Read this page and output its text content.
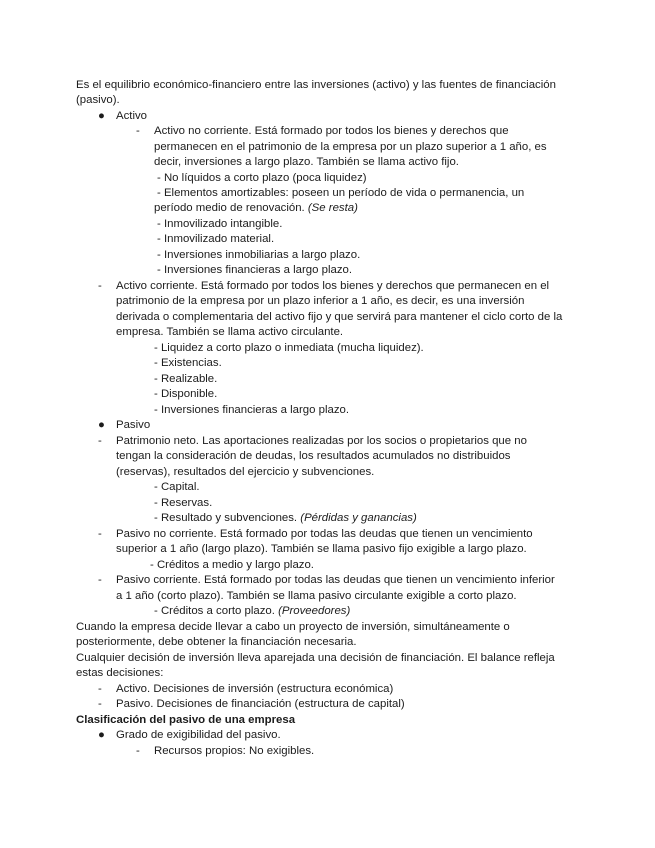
Es el equilibrio económico-financiero entre las inversiones (activo) y las fuentes de financiación
(pasivo).
● Activo
- Activo no corriente. Está formado por todos los bienes y derechos que
permanecen en el patrimonio de la empresa por un plazo superior a 1 año, es
decir, inversiones a largo plazo. También se llama activo fijo.
- No líquidos a corto plazo (poca liquidez)
- Elementos amortizables: poseen un período de vida o permanencia, un
período medio de renovación. (Se resta)
- Inmovilizado intangible.
- Inmovilizado material.
- Inversiones inmobiliarias a largo plazo.
- Inversiones financieras a largo plazo.
- Activo corriente. Está formado por todos los bienes y derechos que permanecen en el
patrimonio de la empresa por un plazo inferior a 1 año, es decir, es una inversión
derivada o complementaria del activo fijo y que servirá para mantener el ciclo corto de la
empresa. También se llama activo circulante.
- Liquidez a corto plazo o inmediata (mucha liquidez).
- Existencias.
- Realizable.
- Disponible.
- Inversiones financieras a largo plazo.
● Pasivo
- Patrimonio neto. Las aportaciones realizadas por los socios o propietarios que no
tengan la consideración de deudas, los resultados acumulados no distribuidos
(reservas), resultados del ejercicio y subvenciones.
- Capital.
- Reservas.
- Resultado y subvenciones. (Pérdidas y ganancias)
- Pasivo no corriente. Está formado por todas las deudas que tienen un vencimiento
superior a 1 año (largo plazo). También se llama pasivo fijo exigible a largo plazo.
- Créditos a medio y largo plazo.
- Pasivo corriente. Está formado por todas las deudas que tienen un vencimiento inferior
a 1 año (corto plazo). También se llama pasivo circulante exigible a corto plazo.
- Créditos a corto plazo. (Proveedores)
Cuando la empresa decide llevar a cabo un proyecto de inversión, simultáneamente o
posteriormente, debe obtener la financiación necesaria.
Cualquier decisión de inversión lleva aparejada una decisión de financiación. El balance refleja
estas decisiones:
- Activo. Decisiones de inversión (estructura económica)
- Pasivo. Decisiones de financiación (estructura de capital)
Clasificación del pasivo de una empresa
● Grado de exigibilidad del pasivo.
- Recursos propios: No exigibles.
